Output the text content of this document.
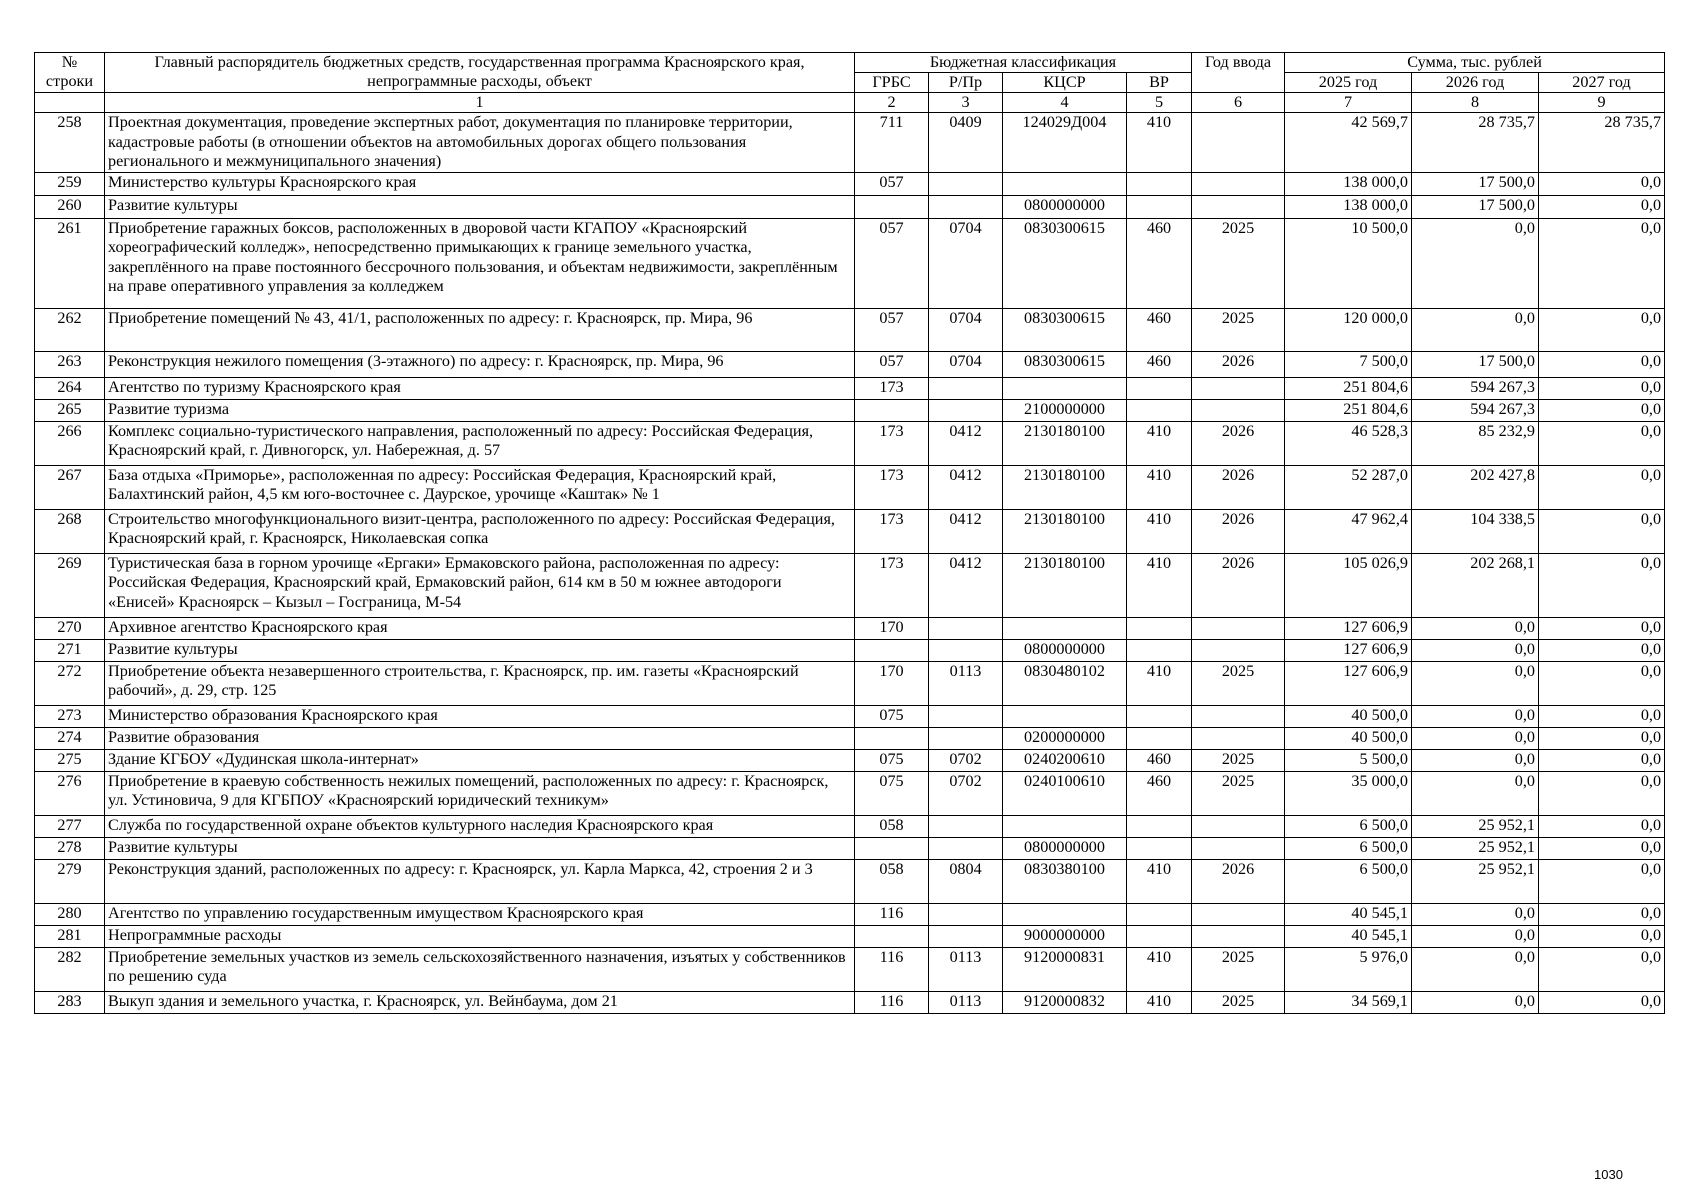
№ строки	Главный распорядитель бюджетных средств, государственная программа Красноярского края, непрограммные расходы, объект	Бюджетная классификация				Год ввода	Сумма, тыс. рублей		
		ГРБС	Р/Пр	КЦСР	ВР		2025 год	2026 год	2027 год
	1	2	3	4	5	6	7	8	9
258	Проектная документация, проведение экспертных работ, документация по планировке территории, кадастровые работы (в отношении объектов на автомобильных дорогах общего пользования регионального и межмуниципального значения)	711	0409	124029Д004	410		42 569,7	28 735,7	28 735,7
259	Министерство культуры Красноярского края	057					138 000,0	17 500,0	0,0
260	Развитие культуры			0800000000			138 000,0	17 500,0	0,0
261	Приобретение гаражных боксов, расположенных в дворовой части КГАПОУ «Красноярский хореографический колледж», непосредственно примыкающих к границе земельного участка, закреплённого на праве постоянного бессрочного пользования, и объектам недвижимости, закреплённым на праве оперативного управления за колледжем	057	0704	0830300615	460	2025	10 500,0	0,0	0,0
262	Приобретение помещений № 43, 41/1, расположенных по адресу: г. Красноярск, пр. Мира, 96	057	0704	0830300615	460	2025	120 000,0	0,0	0,0
263	Реконструкция нежилого помещения (3-этажного) по адресу: г. Красноярск, пр. Мира, 96	057	0704	0830300615	460	2026	7 500,0	17 500,0	0,0
264	Агентство по туризму Красноярского края	173					251 804,6	594 267,3	0,0
265	Развитие туризма			2100000000			251 804,6	594 267,3	0,0
266	Комплекс социально-туристического направления, расположенный по адресу: Российская Федерация, Красноярский край, г. Дивногорск, ул. Набережная, д. 57	173	0412	2130180100	410	2026	46 528,3	85 232,9	0,0
267	База отдыха «Приморье», расположенная по адресу: Российская Федерация, Красноярский край, Балахтинский район, 4,5 км юго-восточнее с. Даурское, урочище «Каштак» № 1	173	0412	2130180100	410	2026	52 287,0	202 427,8	0,0
268	Строительство многофункционального визит-центра, расположенного по адресу: Российская Федерация, Красноярский край, г. Красноярск, Николаевская сопка	173	0412	2130180100	410	2026	47 962,4	104 338,5	0,0
269	Туристическая база в горном урочище «Ергаки» Ермаковского района, расположенная по адресу: Российская Федерация, Красноярский край, Ермаковский район, 614 км в 50 м южнее автодороги «Енисей» Красноярск – Кызыл – Госграница, М-54	173	0412	2130180100	410	2026	105 026,9	202 268,1	0,0
270	Архивное агентство Красноярского края	170					127 606,9	0,0	0,0
271	Развитие культуры			0800000000			127 606,9	0,0	0,0
272	Приобретение объекта незавершенного строительства, г. Красноярск, пр. им. газеты «Красноярский рабочий», д. 29, стр. 125	170	0113	0830480102	410	2025	127 606,9	0,0	0,0
273	Министерство образования Красноярского края	075					40 500,0	0,0	0,0
274	Развитие образования			0200000000			40 500,0	0,0	0,0
275	Здание КГБОУ «Дудинская школа-интернат»	075	0702	0240200610	460	2025	5 500,0	0,0	0,0
276	Приобретение в краевую собственность нежилых помещений, расположенных по адресу: г. Красноярск, ул. Устиновича, 9 для КГБПОУ «Красноярский юридический техникум»	075	0702	0240100610	460	2025	35 000,0	0,0	0,0
277	Служба по государственной охране объектов культурного наследия Красноярского края	058					6 500,0	25 952,1	0,0
278	Развитие культуры			0800000000			6 500,0	25 952,1	0,0
279	Реконструкция зданий, расположенных по адресу: г. Красноярск, ул. Карла Маркса, 42, строения 2 и 3	058	0804	0830380100	410	2026	6 500,0	25 952,1	0,0
280	Агентство по управлению государственным имуществом Красноярского края	116					40 545,1	0,0	0,0
281	Непрограммные расходы			9000000000			40 545,1	0,0	0,0
282	Приобретение земельных участков из земель сельскохозяйственного назначения, изъятых у собственников по решению суда	116	0113	9120000831	410	2025	5 976,0	0,0	0,0
283	Выкуп здания и земельного участка, г. Красноярск, ул. Вейнбаума, дом 21	116	0113	9120000832	410	2025	34 569,1	0,0	0,0
1030
